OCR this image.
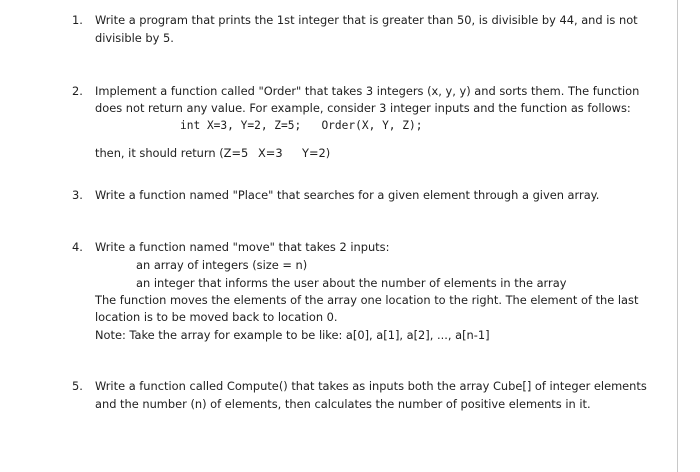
1. Write a program that prints the 1st integer that is greater than 50, is divisible by 44, and is not
divisible by 5.
2. Implement a function called "Order" that takes 3 integers (x, y, y) and sorts them. The function
does not return any value. For example, consider 3 integer inputs and the function as follows:
int X=3, Y=2, Z=5;   Order(X, Y, Z);
then, it should return (Z=5 X=3 Y=2)
3. Write a function named "Place" that searches for a given element through a given array.
4. Write a function named "move" that takes 2 inputs:
an array of integers (size = n)
an integer that informs the user about the number of elements in the array
The function moves the elements of the array one location to the right. The element of the last
location is to be moved back to location 0.
Note: Take the array for example to be like: a[0], a[1], a[2], ..., a[n-1]
5. Write a function called Compute() that takes as inputs both the array Cube[] of integer elements
and the number (n) of elements, then calculates the number of positive elements in it.
